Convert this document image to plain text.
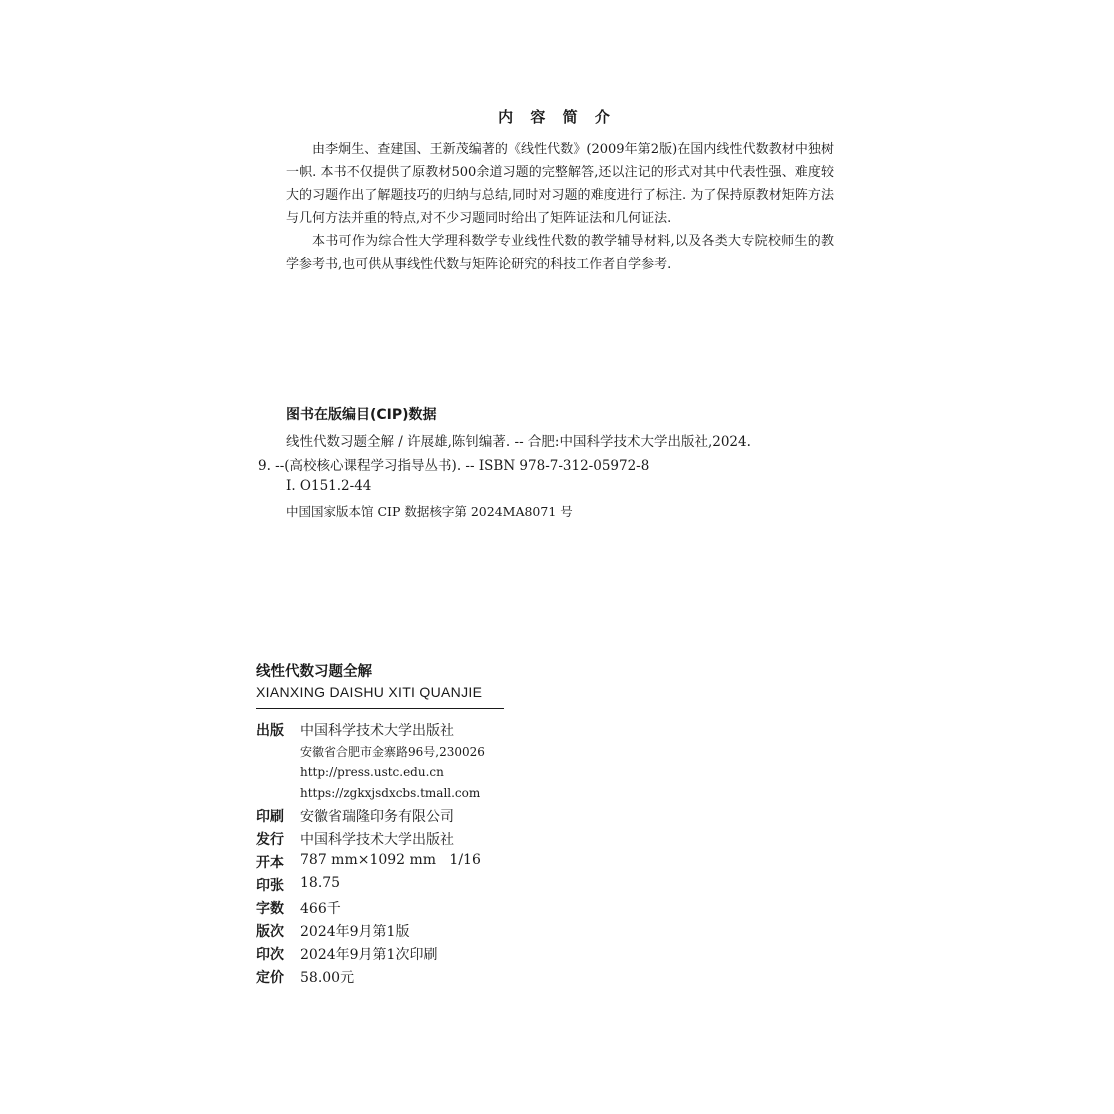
内 容 简 介

由李炯生、查建国、王新茂编著的《线性代数》(2009年第2版)在国内线性代数教材中独树一帜. 本书不仅提供了原教材500余道习题的完整解答,还以注记的形式对其中代表性强、难度较大的习题作出了解题技巧的归纳与总结,同时对习题的难度进行了标注. 为了保持原教材矩阵方法与几何方法并重的特点,对不少习题同时给出了矩阵证法和几何证法.

本书可作为综合性大学理科数学专业线性代数的教学辅导材料,以及各类大专院校师生的教学参考书,也可供从事线性代数与矩阵论研究的科技工作者自学参考.

图书在版编目(CIP)数据
线性代数习题全解 / 许展雄,陈钊编著. -- 合肥:中国科学技术大学出版社,2024.
9. --(高校核心课程学习指导丛书). -- ISBN 978-7-312-05972-8
Ⅰ. O151.2-44
中国国家版本馆 CIP 数据核字第 2024MA8071 号
线性代数习题全解
XIANXING DAISHU XITI QUANJIE
出版 中国科学技术大学出版社
安徽省合肥市金寨路96号,230026
http://press.ustc.edu.cn
https://zgkxjsdxcbs.tmall.com
印刷 安徽省瑞隆印务有限公司
发行 中国科学技术大学出版社
开本 787 mm×1092 mm   1/16
印张 18.75
字数 466千
版次 2024年9月第1版
印次 2024年9月第1次印刷
定价 58.00元
